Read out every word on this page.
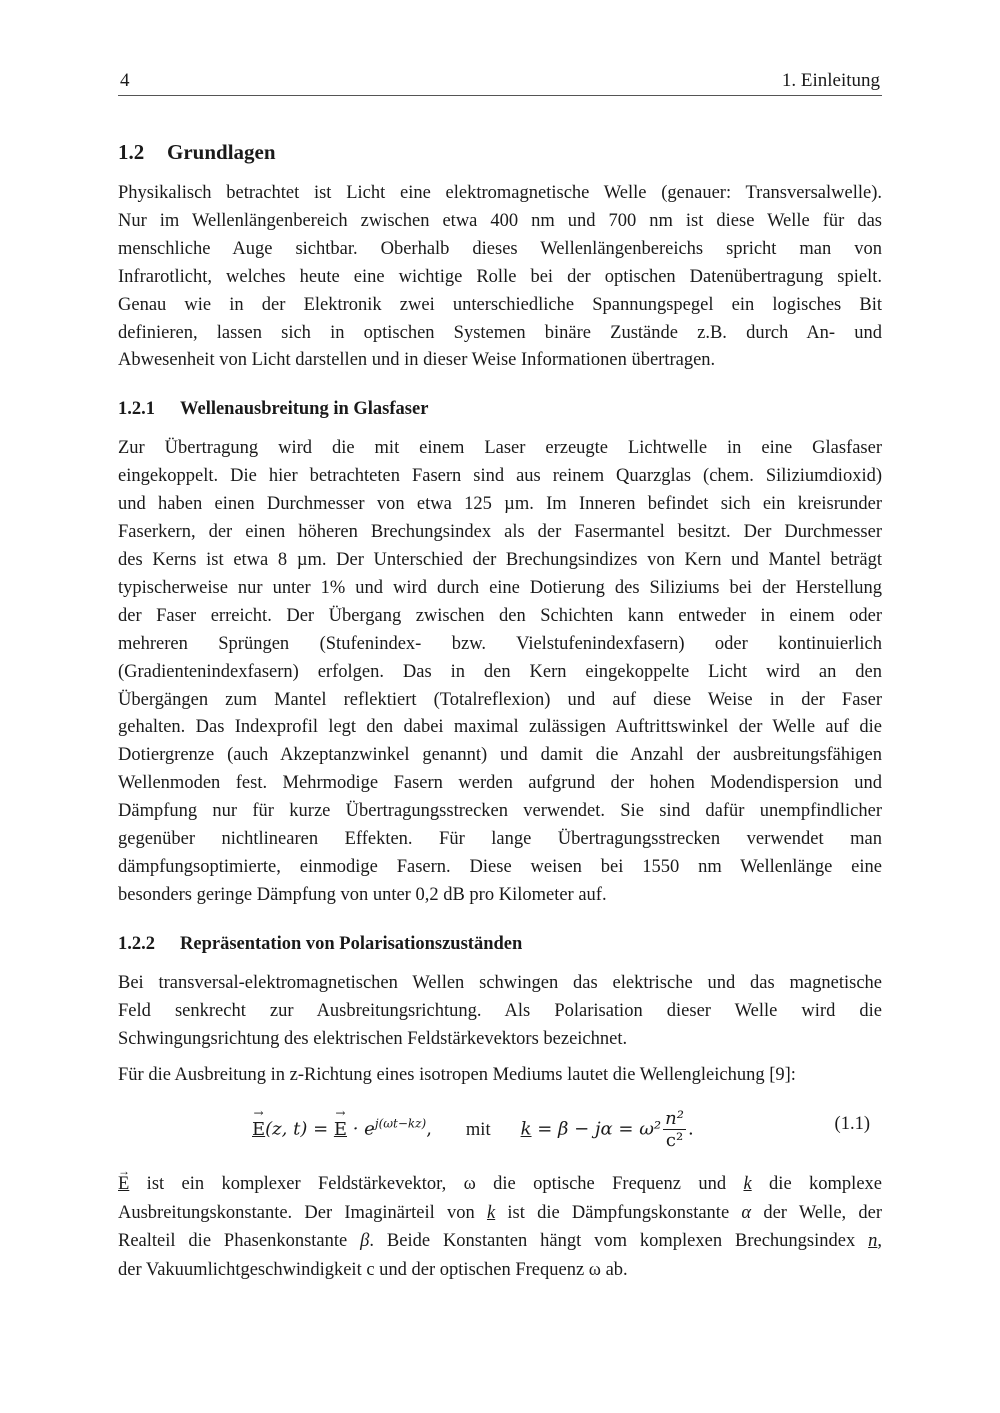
4	1. Einleitung
1.2 Grundlagen
Physikalisch betrachtet ist Licht eine elektromagnetische Welle (genauer: Transversalwelle).
Nur im Wellenlängenbereich zwischen etwa 400 nm und 700 nm ist diese Welle für das
menschliche Auge sichtbar. Oberhalb dieses Wellenlängenbereichs spricht man von
Infrarotlicht, welches heute eine wichtige Rolle bei der optischen Datenübertragung spielt.
Genau wie in der Elektronik zwei unterschiedliche Spannungspegel ein logisches Bit
definieren, lassen sich in optischen Systemen binäre Zustände z.B. durch An- und
Abwesenheit von Licht darstellen und in dieser Weise Informationen übertragen.
1.2.1 Wellenausbreitung in Glasfaser
Zur Übertragung wird die mit einem Laser erzeugte Lichtwelle in eine Glasfaser
eingekoppelt. Die hier betrachteten Fasern sind aus reinem Quarzglas (chem. Siliziumdioxid)
und haben einen Durchmesser von etwa 125 µm. Im Inneren befindet sich ein kreisrunder
Faserkern, der einen höheren Brechungsindex als der Fasermantel besitzt. Der Durchmesser
des Kerns ist etwa 8 µm. Der Unterschied der Brechungsindizes von Kern und Mantel beträgt
typischerweise nur unter 1% und wird durch eine Dotierung des Siliziums bei der Herstellung
der Faser erreicht. Der Übergang zwischen den Schichten kann entweder in einem oder
mehreren Sprüngen (Stufenindex- bzw. Vielstufenindexfasern) oder kontinuierlich
(Gradientenindexfasern) erfolgen. Das in den Kern eingekoppelte Licht wird an den
Übergängen zum Mantel reflektiert (Totalreflexion) und auf diese Weise in der Faser
gehalten. Das Indexprofil legt den dabei maximal zulässigen Auftrittswinkel der Welle auf die
Dotiergrenze (auch Akzeptanzwinkel genannt) und damit die Anzahl der ausbreitungsfähigen
Wellenmoden fest. Mehrmodige Fasern werden aufgrund der hohen Modendispersion und
Dämpfung nur für kurze Übertragungsstrecken verwendet. Sie sind dafür unempfindlicher
gegenüber nichtlinearen Effekten. Für lange Übertragungsstrecken verwendet man
dämpfungsoptimierte, einmodige Fasern. Diese weisen bei 1550 nm Wellenlänge eine
besonders geringe Dämpfung von unter 0,2 dB pro Kilometer auf.
1.2.2 Repräsentation von Polarisationszuständen
Bei transversal-elektromagnetischen Wellen schwingen das elektrische und das magnetische
Feld senkrecht zur Ausbreitungsrichtung. Als Polarisation dieser Welle wird die
Schwingungsrichtung des elektrischen Feldstärkevektors bezeichnet.
Für die Ausbreitung in z-Richtung eines isotropen Mediums lautet die Wellengleichung [9]:
→ E(z, t) = → $E \cdot e^{j(\omega t-kz)}$, mit $k = \beta - j\alpha = \omega^2 \frac{\text{n²}}{\text{c²}}$ .	(1.1)
→ E ist ein komplexer Feldstärkevektor, ω die optische Frequenz und k die komplexe
Ausbreitungskonstante. Der Imaginärteil von k ist die Dämpfungskonstante α der Welle, der
Realteil die Phasenkonstante β. Beide Konstanten hängt vom komplexen Brechungsindex n,
der Vakuumlichtgeschwindigkeit c und der optischen Frequenz ω ab.
